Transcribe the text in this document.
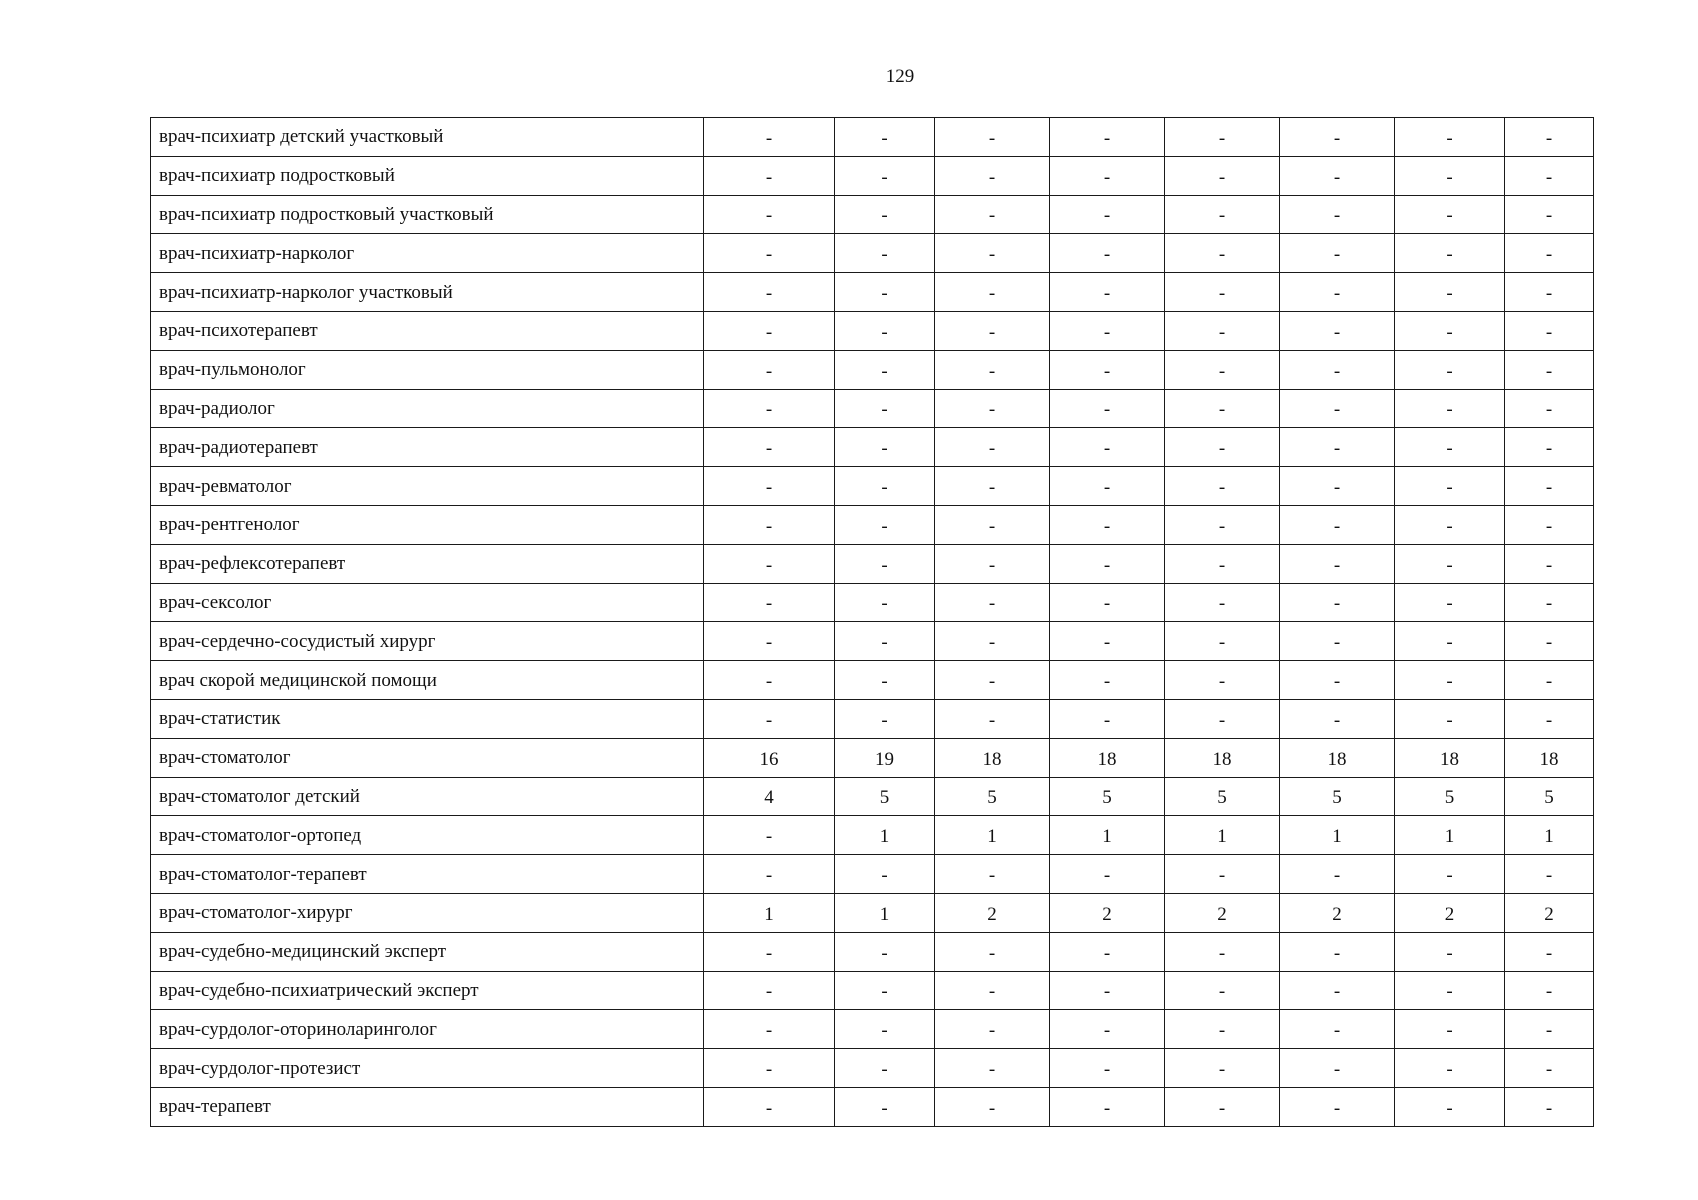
129
врач-психиатр детский участковый	-	-	-	-	-	-	-	-
врач-психиатр подростковый	-	-	-	-	-	-	-	-
врач-психиатр подростковый участковый	-	-	-	-	-	-	-	-
врач-психиатр-нарколог	-	-	-	-	-	-	-	-
врач-психиатр-нарколог участковый	-	-	-	-	-	-	-	-
врач-психотерапевт	-	-	-	-	-	-	-	-
врач-пульмонолог	-	-	-	-	-	-	-	-
врач-радиолог	-	-	-	-	-	-	-	-
врач-радиотерапевт	-	-	-	-	-	-	-	-
врач-ревматолог	-	-	-	-	-	-	-	-
врач-рентгенолог	-	-	-	-	-	-	-	-
врач-рефлексотерапевт	-	-	-	-	-	-	-	-
врач-сексолог	-	-	-	-	-	-	-	-
врач-сердечно-сосудистый хирург	-	-	-	-	-	-	-	-
врач скорой медицинской помощи	-	-	-	-	-	-	-	-
врач-статистик	-	-	-	-	-	-	-	-
врач-стоматолог	16	19	18	18	18	18	18	18
врач-стоматолог детский	4	5	5	5	5	5	5	5
врач-стоматолог-ортопед	-	1	1	1	1	1	1	1
врач-стоматолог-терапевт	-	-	-	-	-	-	-	-
врач-стоматолог-хирург	1	1	2	2	2	2	2	2
врач-судебно-медицинский эксперт	-	-	-	-	-	-	-	-
врач-судебно-психиатрический эксперт	-	-	-	-	-	-	-	-
врач-сурдолог-оториноларинголог	-	-	-	-	-	-	-	-
врач-сурдолог-протезист	-	-	-	-	-	-	-	-
врач-терапевт	-	-	-	-	-	-	-	-
